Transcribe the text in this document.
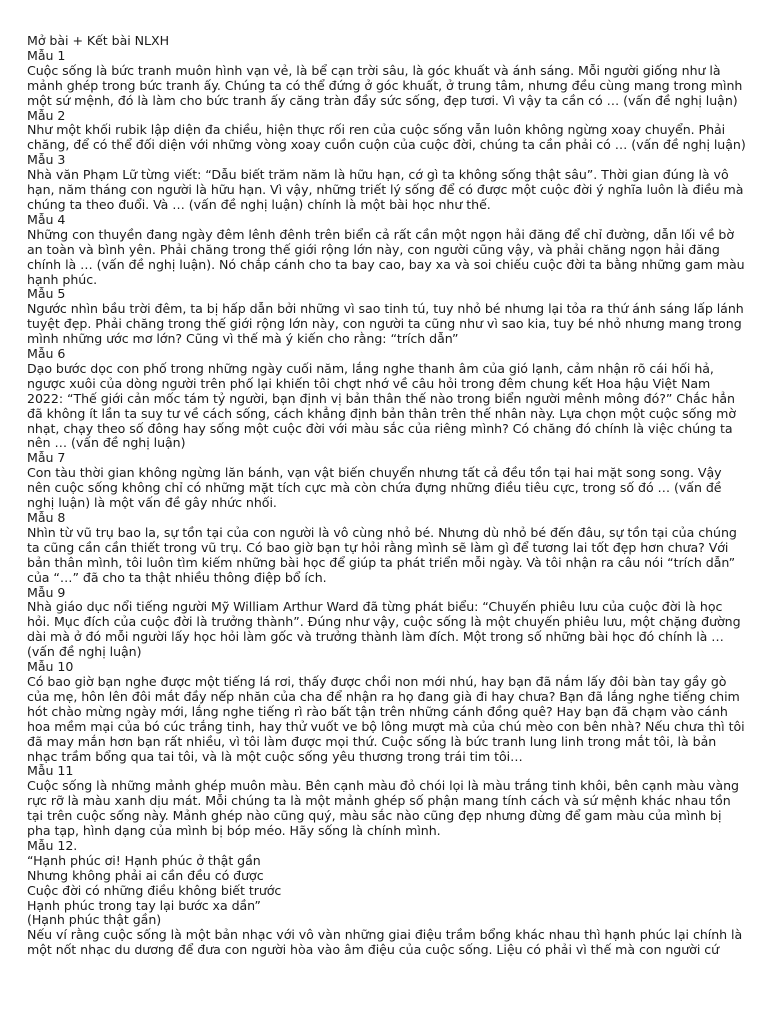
Mở bài + Kết bài NLXH

Mẫu 1

Cuộc sống là bức tranh muôn hình vạn vẻ, là bể cạn trời sâu, là góc khuất và ánh sáng. Mỗi người giống như là mảnh ghép trong bức tranh ấy. Chúng ta có thể đứng ở góc khuất, ở trung tâm, nhưng đều cùng mang trong mình một sứ mệnh, đó là làm cho bức tranh ấy căng tràn đầy sức sống, đẹp tươi. Vì vậy ta cần có … (vấn đề nghị luận)

Mẫu 2

Như một khối rubik lập diện đa chiều, hiện thực rối ren của cuộc sống vẫn luôn không ngừng xoay chuyển. Phải chăng, để có thể đối diện với những vòng xoay cuồn cuộn của cuộc đời, chúng ta cần phải có … (vấn đề nghị luận)

Mẫu 3

Nhà văn Phạm Lữ từng viết: “Dẫu biết trăm năm là hữu hạn, cớ gì ta không sống thật sâu”. Thời gian đúng là vô hạn, năm tháng con người là hữu hạn. Vì vậy, những triết lý sống để có được một cuộc đời ý nghĩa luôn là điều mà chúng ta theo đuổi. Và … (vấn đề nghị luận) chính là một bài học như thế.

Mẫu 4

Những con thuyền đang ngày đêm lênh đênh trên biển cả rất cần một ngọn hải đăng để chỉ đường, dẫn lối về bờ an toàn và bình yên. Phải chăng trong thế giới rộng lớn này, con người cũng vậy, và phải chăng ngọn hải đăng chính là … (vấn đề nghị luận). Nó chắp cánh cho ta bay cao, bay xa và soi chiếu cuộc đời ta bằng những gam màu hạnh phúc.

Mẫu 5

Ngước nhìn bầu trời đêm, ta bị hấp dẫn bởi những vì sao tinh tú, tuy nhỏ bé nhưng lại tỏa ra thứ ánh sáng lấp lánh tuyệt đẹp. Phải chăng trong thế giới rộng lớn này, con người ta cũng như vì sao kia, tuy bé nhỏ nhưng mang trong mình những ước mơ lớn? Cũng vì thế mà ý kiến cho rằng: “trích dẫn”

Mẫu 6

Dạo bước dọc con phố trong những ngày cuối năm, lắng nghe thanh âm của gió lạnh, cảm nhận rõ cái hối hả, ngược xuôi của dòng người trên phố lại khiến tôi chợt nhớ về câu hỏi trong đêm chung kết Hoa hậu Việt Nam 2022: “Thế giới cản mốc tám tỷ người, bạn định vị bản thân thế nào trong biển người mênh mông đó?” Chắc hẳn đã không ít lần ta suy tư về cách sống, cách khẳng định bản thân trên thế nhân này. Lựa chọn một cuộc sống mờ nhạt, chạy theo số đông hay sống một cuộc đời với màu sắc của riêng mình? Có chăng đó chính là việc chúng ta nên … (vấn đề nghị luận)

Mẫu 7

Con tàu thời gian không ngừng lăn bánh, vạn vật biến chuyển nhưng tất cả đều tồn tại hai mặt song song. Vậy nên cuộc sống không chỉ có những mặt tích cực mà còn chứa đựng những điều tiêu cực, trong số đó … (vấn đề nghị luận) là một vấn đề gây nhức nhối.

Mẫu 8

Nhìn từ vũ trụ bao la, sự tồn tại của con người là vô cùng nhỏ bé. Nhưng dù nhỏ bé đến đâu, sự tồn tại của chúng ta cũng cần cần thiết trong vũ trụ. Có bao giờ bạn tự hỏi rằng mình sẽ làm gì để tương lai tốt đẹp hơn chưa? Với bản thân mình, tôi luôn tìm kiếm những bài học để giúp ta phát triển mỗi ngày. Và tôi nhận ra câu nói “trích dẫn” của “…” đã cho ta thật nhiều thông điệp bổ ích.

Mẫu 9

Nhà giáo dục nổi tiếng người Mỹ William Arthur Ward đã từng phát biểu: “Chuyến phiêu lưu của cuộc đời là học hỏi. Mục đích của cuộc đời là trưởng thành”. Đúng như vậy, cuộc sống là một chuyến phiêu lưu, một chặng đường dài mà ở đó mỗi người lấy học hỏi làm gốc và trưởng thành làm đích. Một trong số những bài học đó chính là … (vấn đề nghị luận)

Mẫu 10

Có bao giờ bạn nghe được một tiếng lá rơi, thấy được chồi non mới nhú, hay bạn đã nắm lấy đôi bàn tay gầy gò của mẹ, hôn lên đôi mắt đầy nếp nhăn của cha để nhận ra họ đang già đi hay chưa? Bạn đã lắng nghe tiếng chim hót chào mừng ngày mới, lắng nghe tiếng rì rào bất tận trên những cánh đồng quê? Hay bạn đã chạm vào cánh hoa mềm mại của bó cúc trắng tinh, hay thử vuốt ve bộ lông mượt mà của chú mèo con bên nhà? Nếu chưa thì tôi đã may mắn hơn bạn rất nhiều, vì tôi làm được mọi thứ. Cuộc sống là bức tranh lung linh trong mắt tôi, là bản nhạc trầm bổng qua tai tôi, và là một cuộc sống yêu thương trong trái tim tôi…

Mẫu 11

Cuộc sống là những mảnh ghép muôn màu. Bên cạnh màu đỏ chói lọi là màu trắng tinh khôi, bên cạnh màu vàng rực rỡ là màu xanh dịu mát. Mỗi chúng ta là một mảnh ghép số phận mang tính cách và sứ mệnh khác nhau tồn tại trên cuộc sống này. Mảnh ghép nào cũng quý, màu sắc nào cũng đẹp nhưng đừng để gam màu của mình bị pha tạp, hình dạng của mình bị bóp méo. Hãy sống là chính mình.

Mẫu 12.

“Hạnh phúc ơi! Hạnh phúc ở thật gần

Nhưng không phải ai cần đều có được

Cuộc đời có những điều không biết trước

Hạnh phúc trong tay lại bước xa dần”

(Hạnh phúc thật gần)

Nếu ví rằng cuộc sống là một bản nhạc với vô vàn những giai điệu trầm bổng khác nhau thì hạnh phúc lại chính là một nốt nhạc du dương để đưa con người hòa vào âm điệu của cuộc sống. Liệu có phải vì thế mà con người cứ
